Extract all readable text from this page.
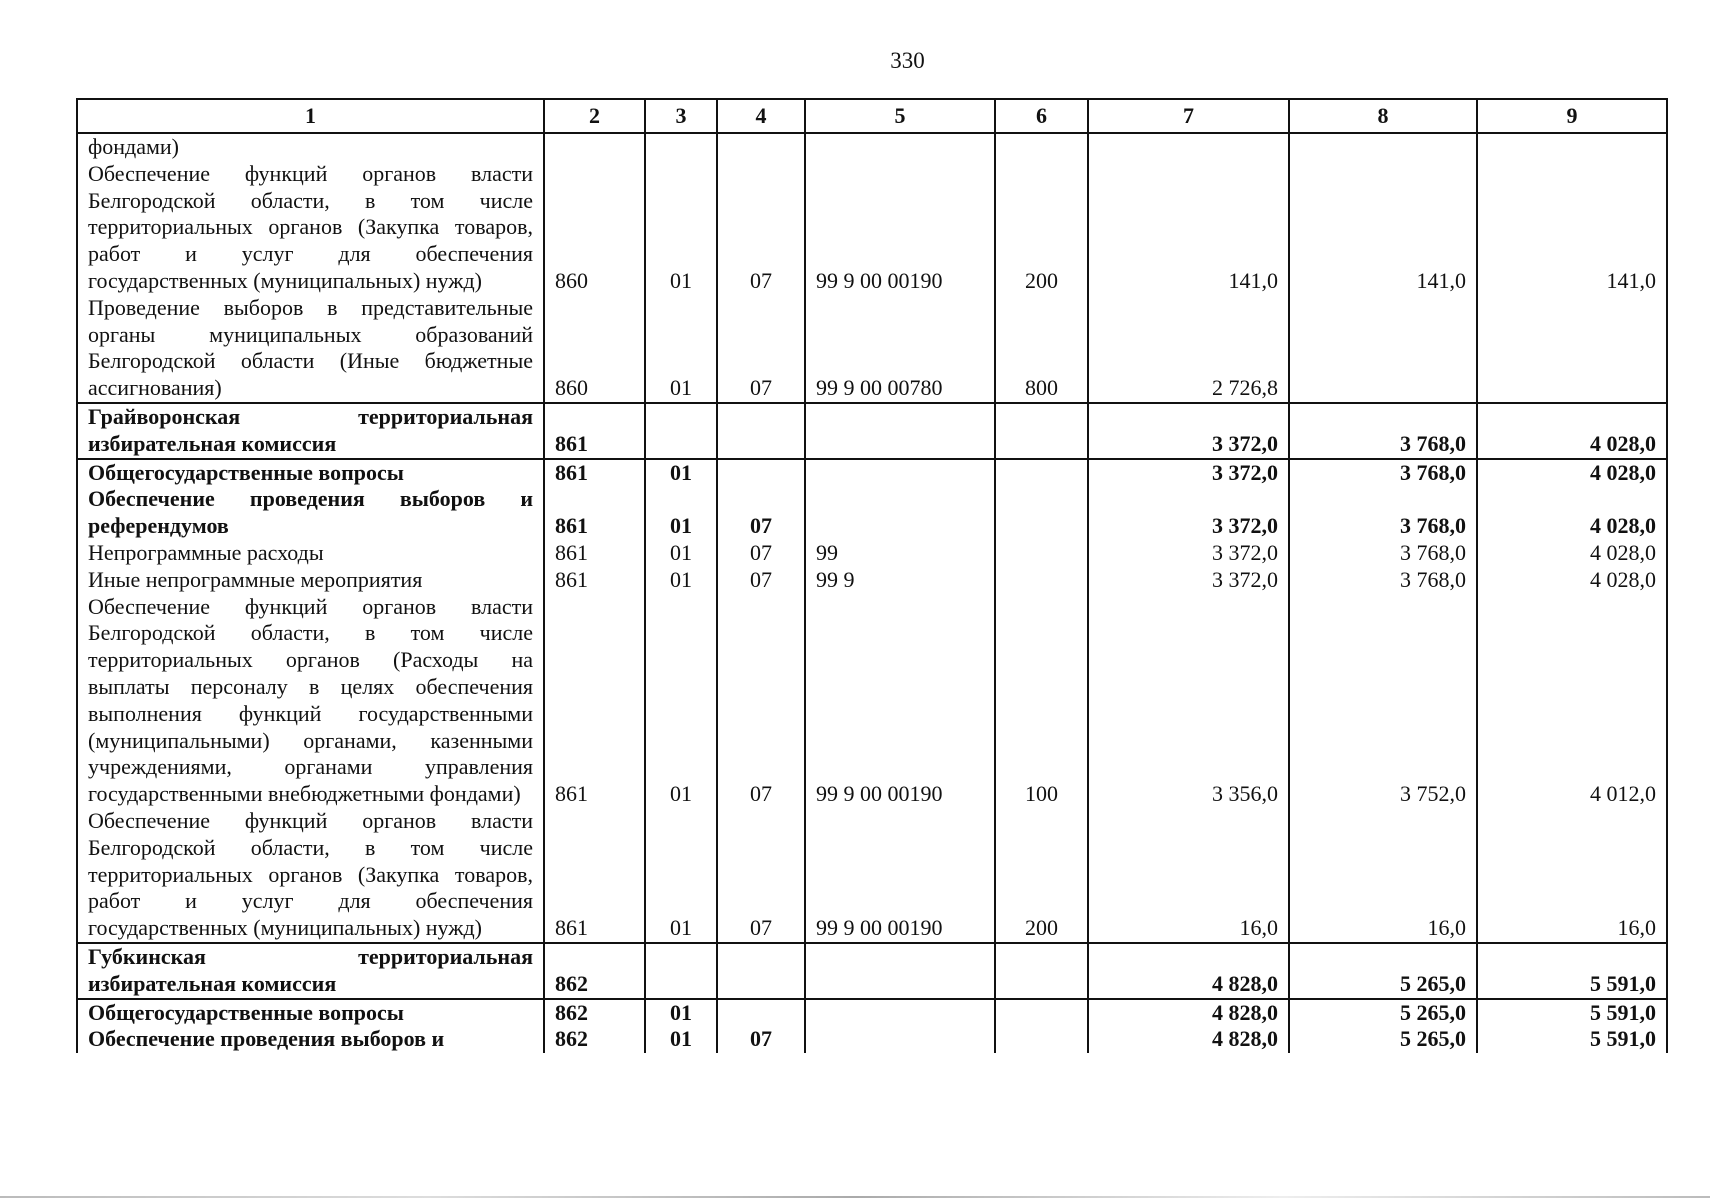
330
1	2	3	4	5	6	7	8	9
фондами)								
Обеспечение функций органов власти Белгородской области, в том числе территориальных органов (Закупка товаров, работ и услуг для обеспечения государственных (муниципальных) нужд)	860	01	07	99 9 00 00190	200	141,0	141,0	141,0
Проведение выборов в представительные органы муниципальных образований Белгородской области (Иные бюджетные ассигнования)	860	01	07	99 9 00 00780	800	2 726,8		
Грайворонская территориальная избирательная комиссия	861					3 372,0	3 768,0	4 028,0
Общегосударственные вопросы	861	01				3 372,0	3 768,0	4 028,0
Обеспечение проведения выборов и референдумов	861	01	07			3 372,0	3 768,0	4 028,0
Непрограммные расходы	861	01	07	99		3 372,0	3 768,0	4 028,0
Иные непрограммные мероприятия	861	01	07	99 9		3 372,0	3 768,0	4 028,0
Обеспечение функций органов власти Белгородской области, в том числе территориальных органов (Расходы на выплаты персоналу в целях обеспечения выполнения функций государственными (муниципальными) органами, казенными учреждениями, органами управления государственными внебюджетными фондами)	861	01	07	99 9 00 00190	100	3 356,0	3 752,0	4 012,0
Обеспечение функций органов власти Белгородской области, в том числе территориальных органов (Закупка товаров, работ и услуг для обеспечения государственных (муниципальных) нужд)	861	01	07	99 9 00 00190	200	16,0	16,0	16,0
Губкинская территориальная избирательная комиссия	862					4 828,0	5 265,0	5 591,0
Общегосударственные вопросы	862	01				4 828,0	5 265,0	5 591,0
Обеспечение проведения выборов и	862	01	07			4 828,0	5 265,0	5 591,0
